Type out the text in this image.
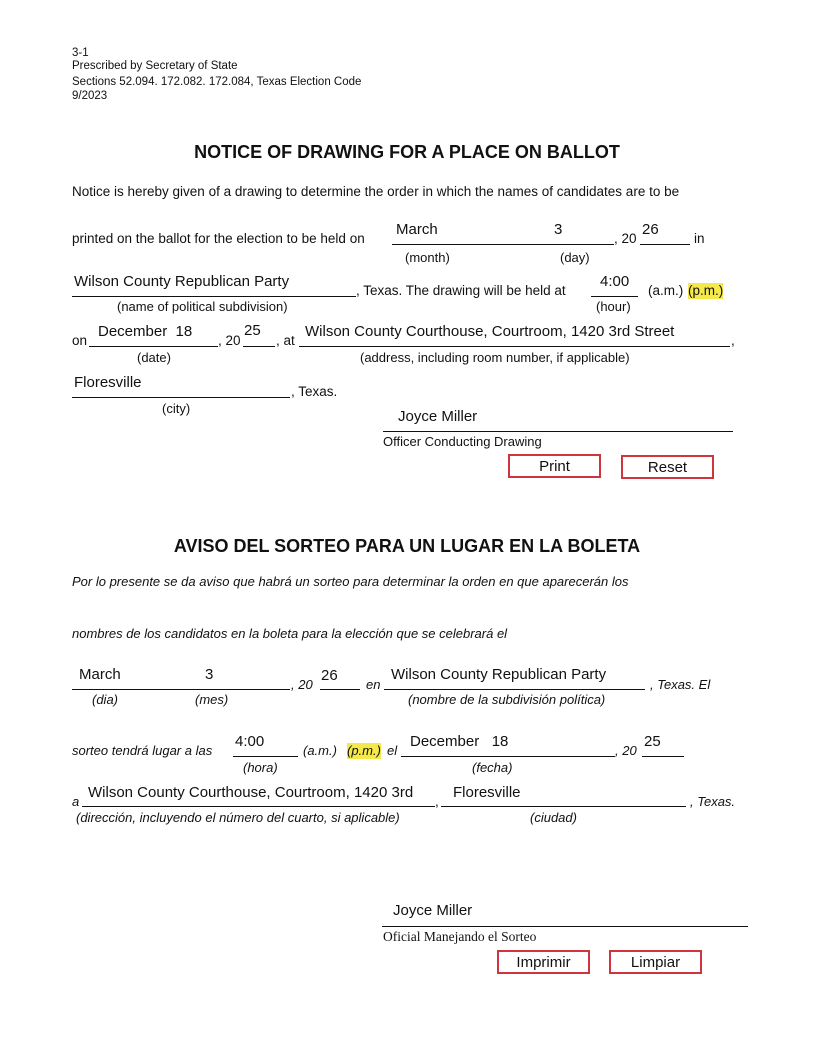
3-1
Prescribed by Secretary of State
Sections 52.094. 172.082. 172.084, Texas Election Code
9/2023
NOTICE OF DRAWING FOR A PLACE ON BALLOT
Notice is hereby given of a drawing to determine the order in which the names of candidates are to be
printed on the ballot for the election to be held on
March	3
, 20
26
in
(month)	(day)
Wilson County Republican Party
, Texas. The drawing will be held at
4:00
(a.m.) (p.m.)
(name of political subdivision)	(hour)
on
December  18
, 20
25
, at
Wilson County Courthouse, Courtroom, 1420 3rd Street
,
(date)	(address, including room number, if applicable)
Floresville
, Texas.
(city)	Joyce Miller
Officer Conducting Drawing
Print	Reset
AVISO DEL SORTEO PARA UN LUGAR EN LA BOLETA
Por lo presente se da aviso que habrá un sorteo para determinar la orden en que aparecerán los
nombres de los candidatos en la boleta para la elección que se celebrará el
March	3
, 20
26
en
Wilson County Republican Party
, Texas. El
(dia)	(mes)	(nombre de la subdivisión política)
sorteo tendrá lugar a las
4:00
(a.m.) (p.m.) el
December   18
, 20
25
(hora)	(fecha)
a
Wilson County Courthouse, Courtroom, 1420 3rd
,
Floresville
, Texas.
(dirección, incluyendo el número del cuarto, si aplicable)	(ciudad)
Joyce Miller
Oficial Manejando el Sorteo
Imprimir	Limpiar
